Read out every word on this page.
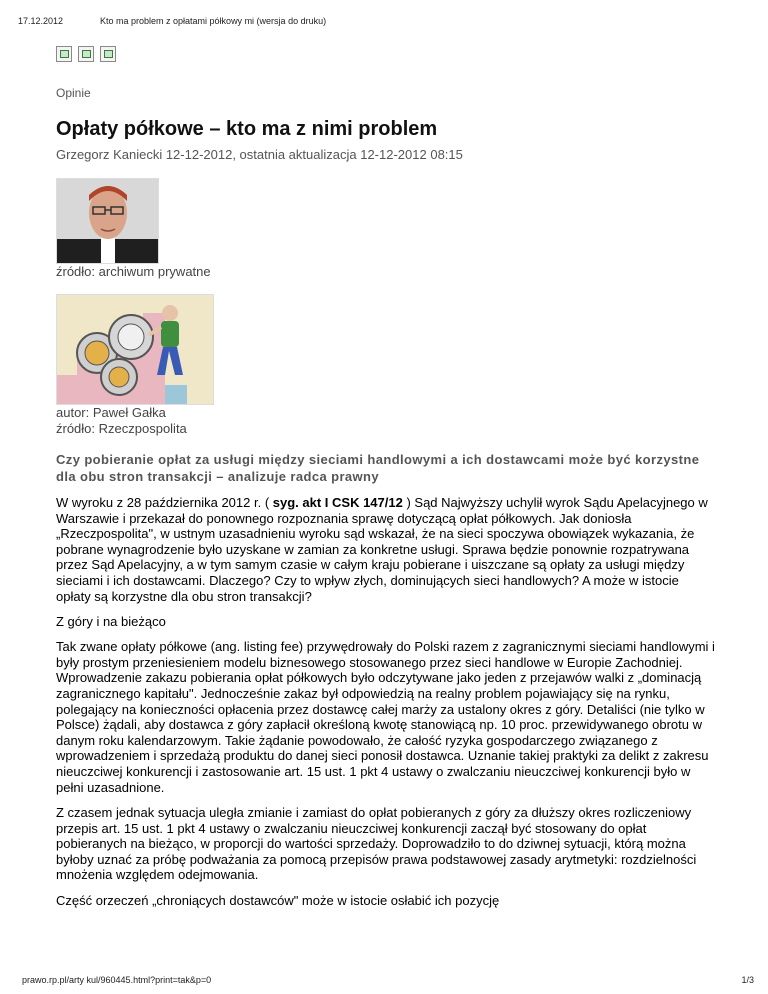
17.12.2012	Kto ma problem z opłatami półkowy mi (wersja do druku)
Opinie
Opłaty półkowe – kto ma z nimi problem
Grzegorz Kaniecki 12-12-2012, ostatnia aktualizacja 12-12-2012 08:15
źródło: archiwum prywatne
autor: Paweł Gałka
źródło: Rzeczpospolita
Czy pobieranie opłat za usługi między sieciami handlowymi a ich dostawcami może być korzystne dla obu stron transakcji – analizuje radca prawny

W wyroku z 28 października 2012 r. ( syg. akt I CSK 147/12 ) Sąd Najwyższy uchylił wyrok Sądu Apelacyjnego w Warszawie i przekazał do ponownego rozpoznania sprawę dotyczącą opłat półkowych. Jak doniosła „Rzeczpospolita", w ustnym uzasadnieniu wyroku sąd wskazał, że na sieci spoczywa obowiązek wykazania, że pobrane wynagrodzenie było uzyskane w zamian za konkretne usługi. Sprawa będzie ponownie rozpatrywana przez Sąd Apelacyjny, a w tym samym czasie w całym kraju pobierane i uiszczane są opłaty za usługi między sieciami i ich dostawcami. Dlaczego? Czy to wpływ złych, dominujących sieci handlowych? A może w istocie opłaty są korzystne dla obu stron transakcji?

Z góry i na bieżąco

Tak zwane opłaty półkowe (ang. listing fee) przywędrowały do Polski razem z zagranicznymi sieciami handlowymi i były prostym przeniesieniem modelu biznesowego stosowanego przez sieci handlowe w Europie Zachodniej. Wprowadzenie zakazu pobierania opłat półkowych było odczytywane jako jeden z przejawów walki z „dominacją zagranicznego kapitału". Jednocześnie zakaz był odpowiedzią na realny problem pojawiający się na rynku, polegający na konieczności opłacenia przez dostawcę całej marży za ustalony okres z góry. Detaliści (nie tylko w Polsce) żądali, aby dostawca z góry zapłacił określoną kwotę stanowiącą np. 10 proc. przewidywanego obrotu w danym roku kalendarzowym. Takie żądanie powodowało, że całość ryzyka gospodarczego związanego z wprowadzeniem i sprzedażą produktu do danej sieci ponosił dostawca. Uznanie takiej praktyki za delikt z zakresu nieuczciwej konkurencji i zastosowanie art. 15 ust. 1 pkt 4 ustawy o zwalczaniu nieuczciwej konkurencji było w pełni uzasadnione.

Z czasem jednak sytuacja uległa zmianie i zamiast do opłat pobieranych z góry za dłuższy okres rozliczeniowy przepis art. 15 ust. 1 pkt 4 ustawy o zwalczaniu nieuczciwej konkurencji zaczął być stosowany do opłat pobieranych na bieżąco, w proporcji do wartości sprzedaży. Doprowadziło to do dziwnej sytuacji, którą można byłoby uznać za próbę podważania za pomocą przepisów prawa podstawowej zasady arytmetyki: rozdzielności mnożenia względem odejmowania.

Część orzeczeń „chroniących dostawców" może w istocie osłabić ich pozycję
prawo.rp.pl/arty kul/960445.html?print=tak&p=0	1/3
